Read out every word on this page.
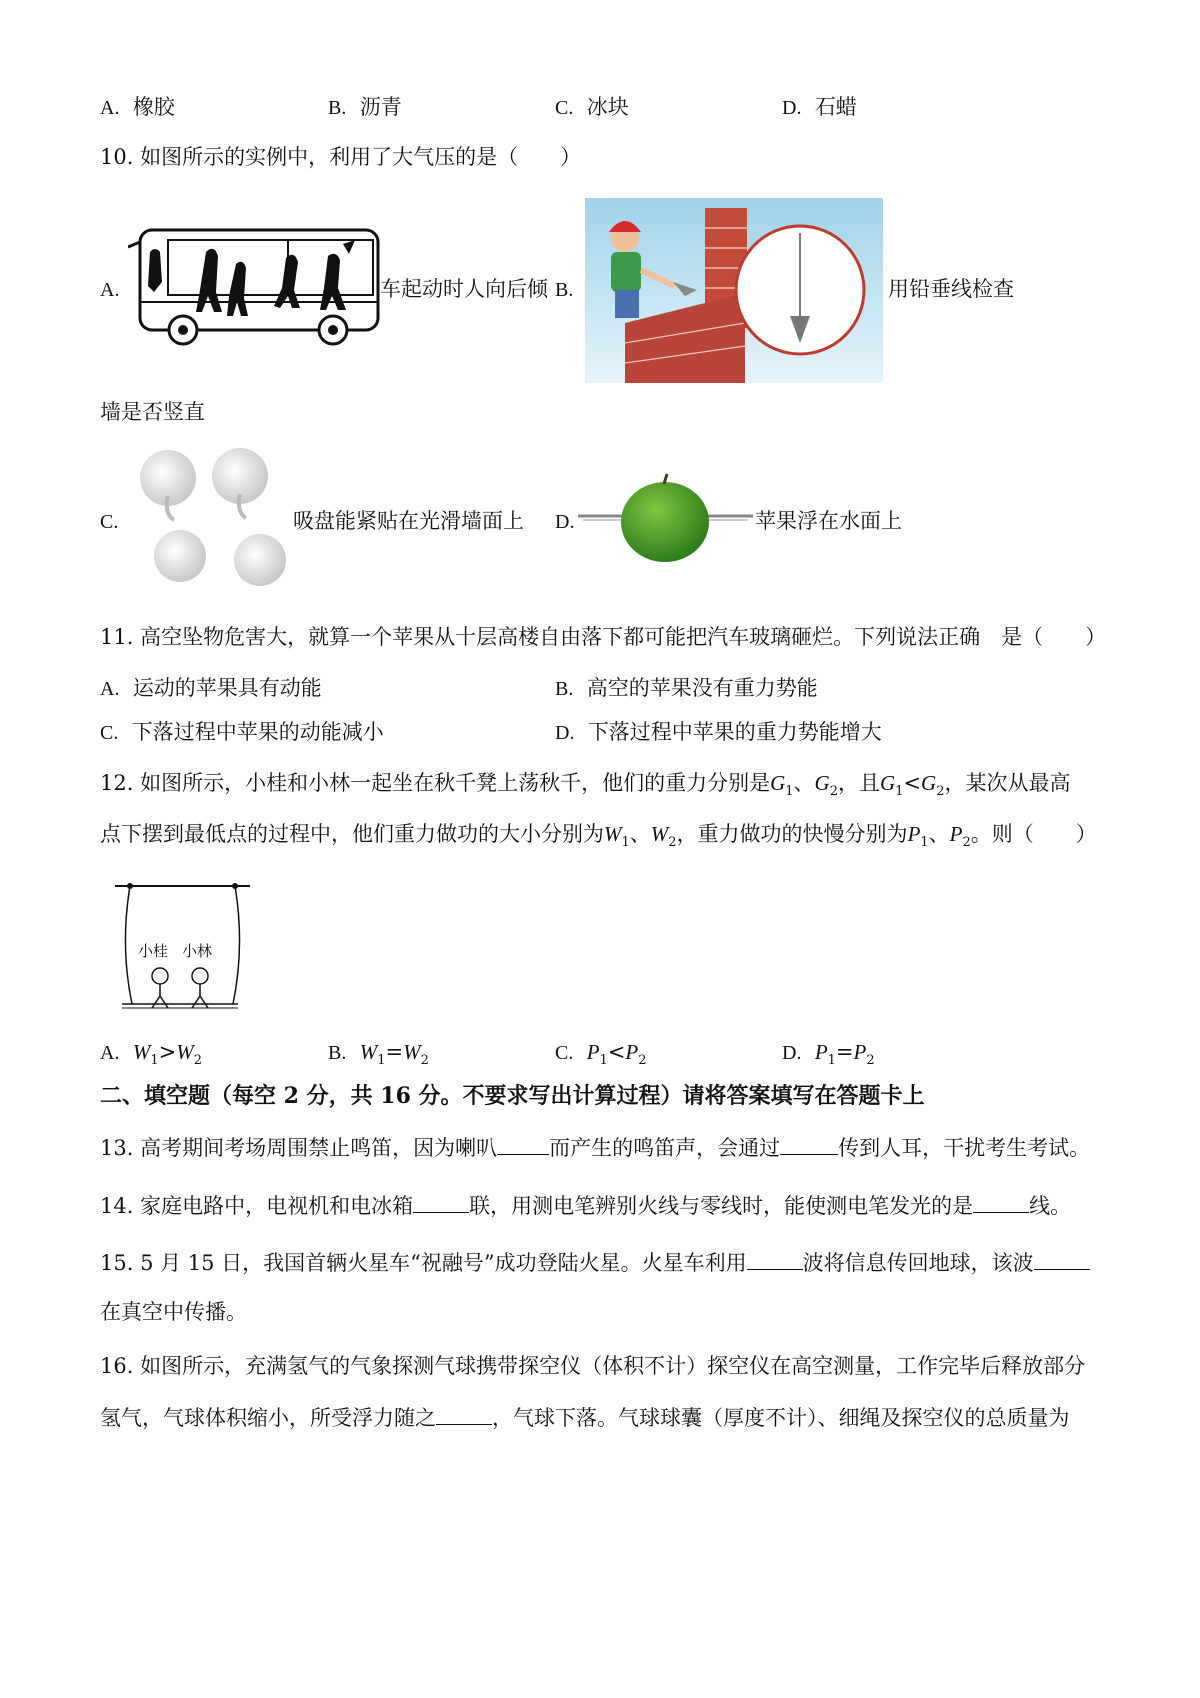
A. 橡胶	B. 沥青	C. 冰块	D. 石蜡
10. 如图所示的实例中，利用了大气压的是（　　）
A.	车起动时人向后倾 B.	用铅垂线检查
墙是否竖直
C.	吸盘能紧贴在光滑墙面上 D.	苹果浮在水面上
11. 高空坠物危害大，就算一个苹果从十层高楼自由落下都可能把汽车玻璃砸烂。下列说法正确　是（　　）
A. 运动的苹果具有动能	B. 高空的苹果没有重力势能
C. 下落过程中苹果的动能减小	D. 下落过程中苹果的重力势能增大
12. 如图所示，小桂和小林一起坐在秋千凳上荡秋千，他们的重力分别是$G_1$、$G_2$，且$G_1<G_2$，某次从最高
点下摆到最低点的过程中，他们重力做功的大小分别为$W_1$、$W_2$，重力做功的快慢分别为$P_1$、$P_2$。则（　　）
小桂 小林
A. $W_1>W_2$	B. $W_1=W_2$	C. $P_1<P_2$	D. $P_1=P_2$
二、填空题（每空 2 分，共 16 分。不要求写出计算过程）请将答案填写在答题卡上
13. 高考期间考场周围禁止鸣笛，因为喇叭 而产生的鸣笛声，会通过	传到人耳，干扰考生考试。
14. 家庭电路中，电视机和电冰箱	联，用测电笔辨别火线与零线时，能使测电笔发光的是	线。
15. 5 月 15 日，我国首辆火星车“祝融号”成功登陆火星。火星车利用	波将信息传回地球，该波
在真空中传播。
16. 如图所示，充满氢气的气象探测气球携带探空仪（体积不计）探空仪在高空测量，工作完毕后释放部分
氢气，气球体积缩小，所受浮力随之	，气球下落。气球球囊（厚度不计）、细绳及探空仪的总质量为
